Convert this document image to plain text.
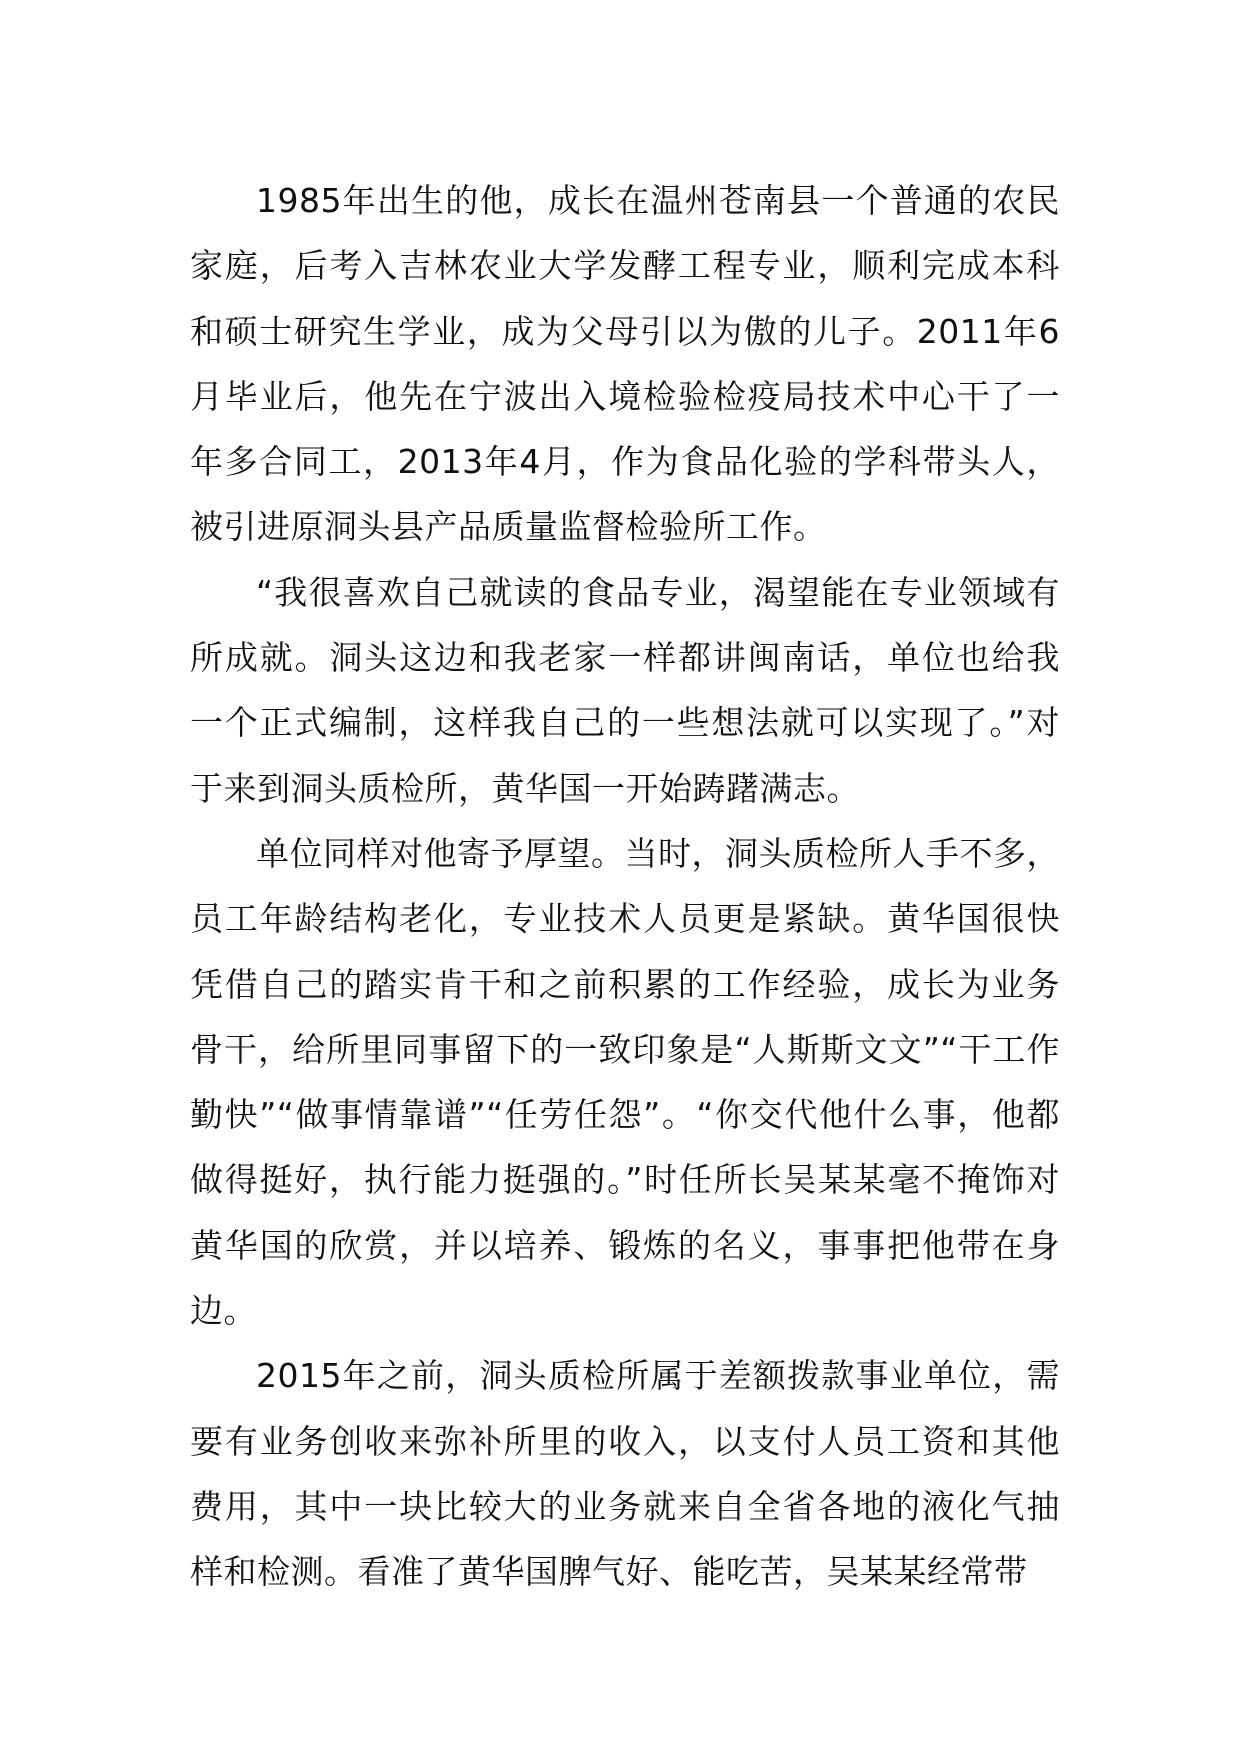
1985年出生的他，成长在温州苍南县一个普通的农民家庭，后考入吉林农业大学发酵工程专业，顺利完成本科和硕士研究生学业，成为父母引以为傲的儿子。2011年6月毕业后，他先在宁波出入境检验检疫局技术中心干了一年多合同工，2013年4月，作为食品化验的学科带头人，被引进原洞头县产品质量监督检验所工作。

“我很喜欢自己就读的食品专业，渴望能在专业领域有所成就。洞头这边和我老家一样都讲闽南话，单位也给我一个正式编制，这样我自己的一些想法就可以实现了。”对于来到洞头质检所，黄华国一开始踌躇满志。

单位同样对他寄予厚望。当时，洞头质检所人手不多，员工年龄结构老化，专业技术人员更是紧缺。黄华国很快凭借自己的踏实肯干和之前积累的工作经验，成长为业务骨干，给所里同事留下的一致印象是“人斯斯文文”“干工作勤快”“做事情靠谱”“任劳任怨”。“你交代他什么事，他都做得挺好，执行能力挺强的。”时任所长吴某某毫不掩饰对黄华国的欣赏，并以培养、锻炼的名义，事事把他带在身边。

2015年之前，洞头质检所属于差额拨款事业单位，需要有业务创收来弥补所里的收入，以支付人员工资和其他费用，其中一块比较大的业务就来自全省各地的液化气抽样和检测。看准了黄华国脾气好、能吃苦，吴某某经常带
